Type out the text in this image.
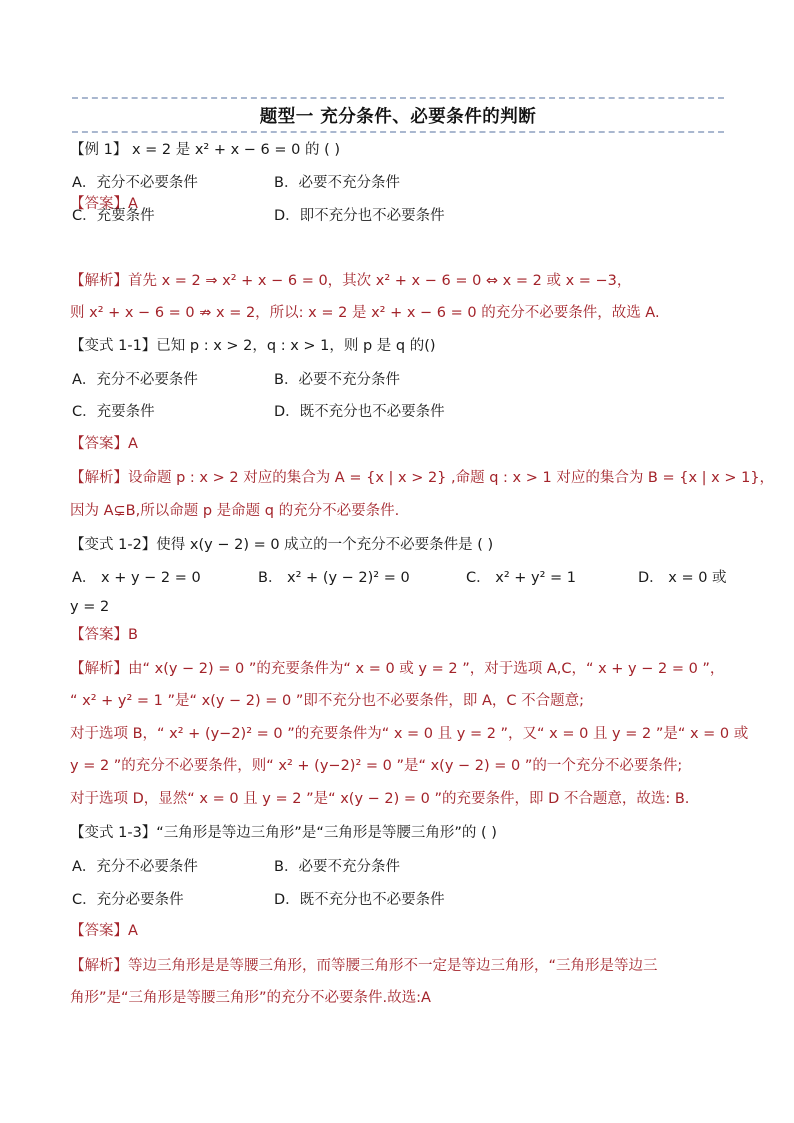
题型一 充分条件、必要条件的判断
【例 1】 x = 2 是 x² + x − 6 = 0 的 ( )
【答案】A
【解析】首先 x = 2 ⇒ x² + x − 6 = 0，其次 x² + x − 6 = 0 ⇔ x = 2 或 x = −3，
则 x² + x − 6 = 0 ⇏ x = 2，所以: x = 2 是 x² + x − 6 = 0 的充分不必要条件，故选 A.
【变式 1-1】已知 p : x > 2，q : x > 1，则 p 是 q 的()
【答案】A
【解析】设命题 p : x > 2 对应的集合为 A = {x | x > 2} ,命题 q : x > 1 对应的集合为 B = {x | x > 1}，
因为 A⊊B,所以命题 p 是命题 q 的充分不必要条件.
【变式 1-2】使得 x(y − 2) = 0 成立的一个充分不必要条件是 ( )
y = 2
【答案】B
【解析】由“ x(y − 2) = 0 ”的充要条件为“ x = 0 或 y = 2 ”，对于选项 A,C，“ x + y − 2 = 0 ”，
“ x² + y² = 1 ”是“ x(y − 2) = 0 ”即不充分也不必要条件，即 A，C 不合题意;
对于选项 B，“ x² + (y−2)² = 0 ”的充要条件为“ x = 0 且 y = 2 ”，又“ x = 0 且 y = 2 ”是“ x = 0 或
y = 2 ”的充分不必要条件，则“ x² + (y−2)² = 0 ”是“ x(y − 2) = 0 ”的一个充分不必要条件;
对于选项 D，显然“ x = 0 且 y = 2 ”是“ x(y − 2) = 0 ”的充要条件，即 D 不合题意，故选: B.
【变式 1-3】“三角形是等边三角形”是“三角形是等腰三角形”的 ( )
【答案】A
【解析】等边三角形是是等腰三角形，而等腰三角形不一定是等边三角形，“三角形是等边三
角形”是“三角形是等腰三角形”的充分不必要条件.故选:A
A．充分不必要条件	B．必要不充分条件
C．充要条件	D．即不充分也不必要条件
A．充分不必要条件	B．必要不充分条件
C．充要条件	D．既不充分也不必要条件
A． x + y − 2 = 0	B． x² + (y − 2)² = 0	C． x² + y² = 1	D． x = 0 或
A．充分不必要条件	B．必要不充分条件
C．充分必要条件	D．既不充分也不必要条件
